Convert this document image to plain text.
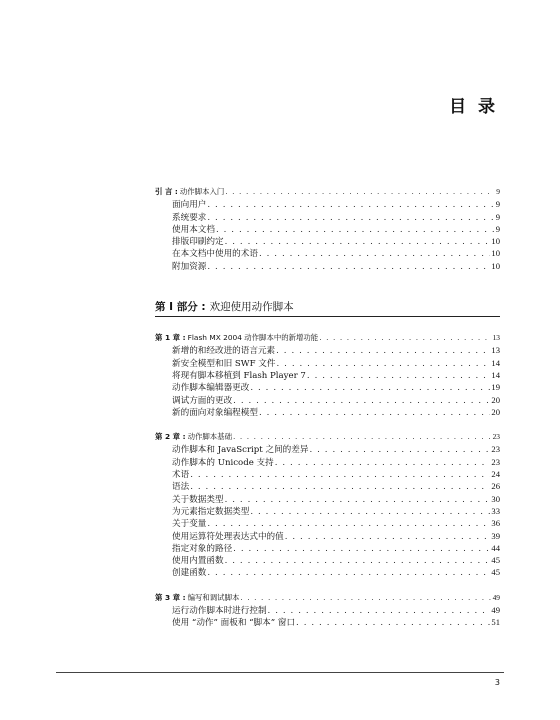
目 录
引 言 : 动作脚本入门 . . .	9
面向用户 . . .	9
系统要求 . . .	9
使用本文档 . . .	9
排版印刷约定 . . .	10
在本文档中使用的术语 . . .	10
附加资源 . . .	10
第 I 部分 : 欢迎使用动作脚本
第 1 章 : Flash MX 2004 动作脚本中的新增功能 . . .	13
新增的和经改进的语言元素 . . .	13
新安全模型和旧 SWF 文件 . . .	14
将现有脚本移植到 Flash Player 7 . . .	14
动作脚本编辑器更改 . . .	19
调试方面的更改 . . .	20
新的面向对象编程模型 . . .	20
第 2 章 : 动作脚本基础 . . .	23
动作脚本和 JavaScript 之间的差异 . . .	23
动作脚本的 Unicode 支持 . . .	23
术语 . . .	24
语法 . . .	26
关于数据类型 . . .	30
为元素指定数据类型 . . .	33
关于变量 . . .	36
使用运算符处理表达式中的值 . . .	39
指定对象的路径 . . .	44
使用内置函数 . . .	45
创建函数 . . .	45
第 3 章 : 编写和调试脚本 . . .	49
运行动作脚本时进行控制 . . .	49
使用 “动作” 面板和 “脚本” 窗口 . . .	51
3
